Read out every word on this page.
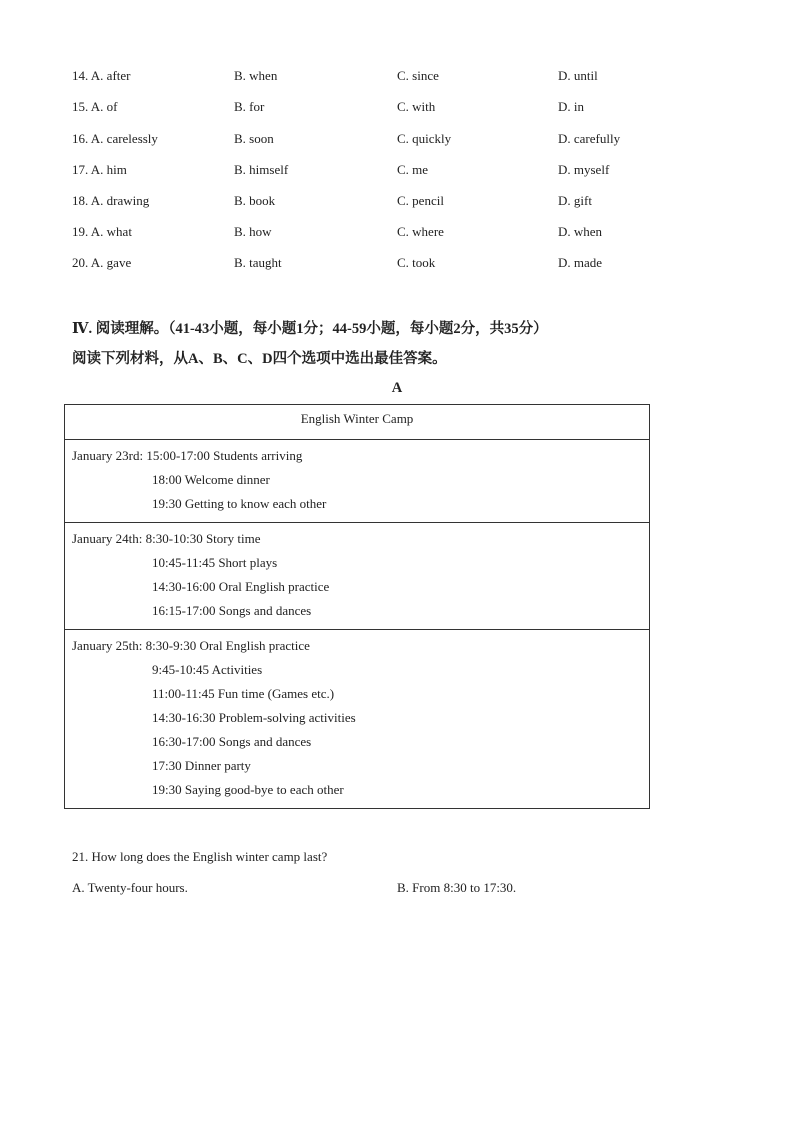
14. A. after	B. when	C. since	D. until
15. A. of	B. for	C. with	D. in
16. A. carelessly	B. soon	C. quickly	D. carefully
17. A. him	B. himself	C. me	D. myself
18. A. drawing	B. book	C. pencil	D. gift
19. A. what	B. how	C. where	D. when
20. A. gave	B. taught	C. took	D. made
Ⅳ. 阅读理解。（41-43小题，每小题1分；44-59小题，每小题2分，共35分）
阅读下列材料，从A、B、C、D四个选项中选出最佳答案。
A
English Winter Camp

January 23rd: 15:00-17:00 Students arriving
18:00 Welcome dinner
19:30 Getting to know each other

January 24th: 8:30-10:30 Story time
10:45-11:45 Short plays
14:30-16:00 Oral English practice
16:15-17:00 Songs and dances

January 25th: 8:30-9:30 Oral English practice
9:45-10:45 Activities
11:00-11:45 Fun time (Games etc.)
14:30-16:30 Problem-solving activities
16:30-17:00 Songs and dances
17:30 Dinner party
19:30 Saying good-bye to each other
21. How long does the English winter camp last?
A. Twenty-four hours.	B. From 8:30 to 17:30.
